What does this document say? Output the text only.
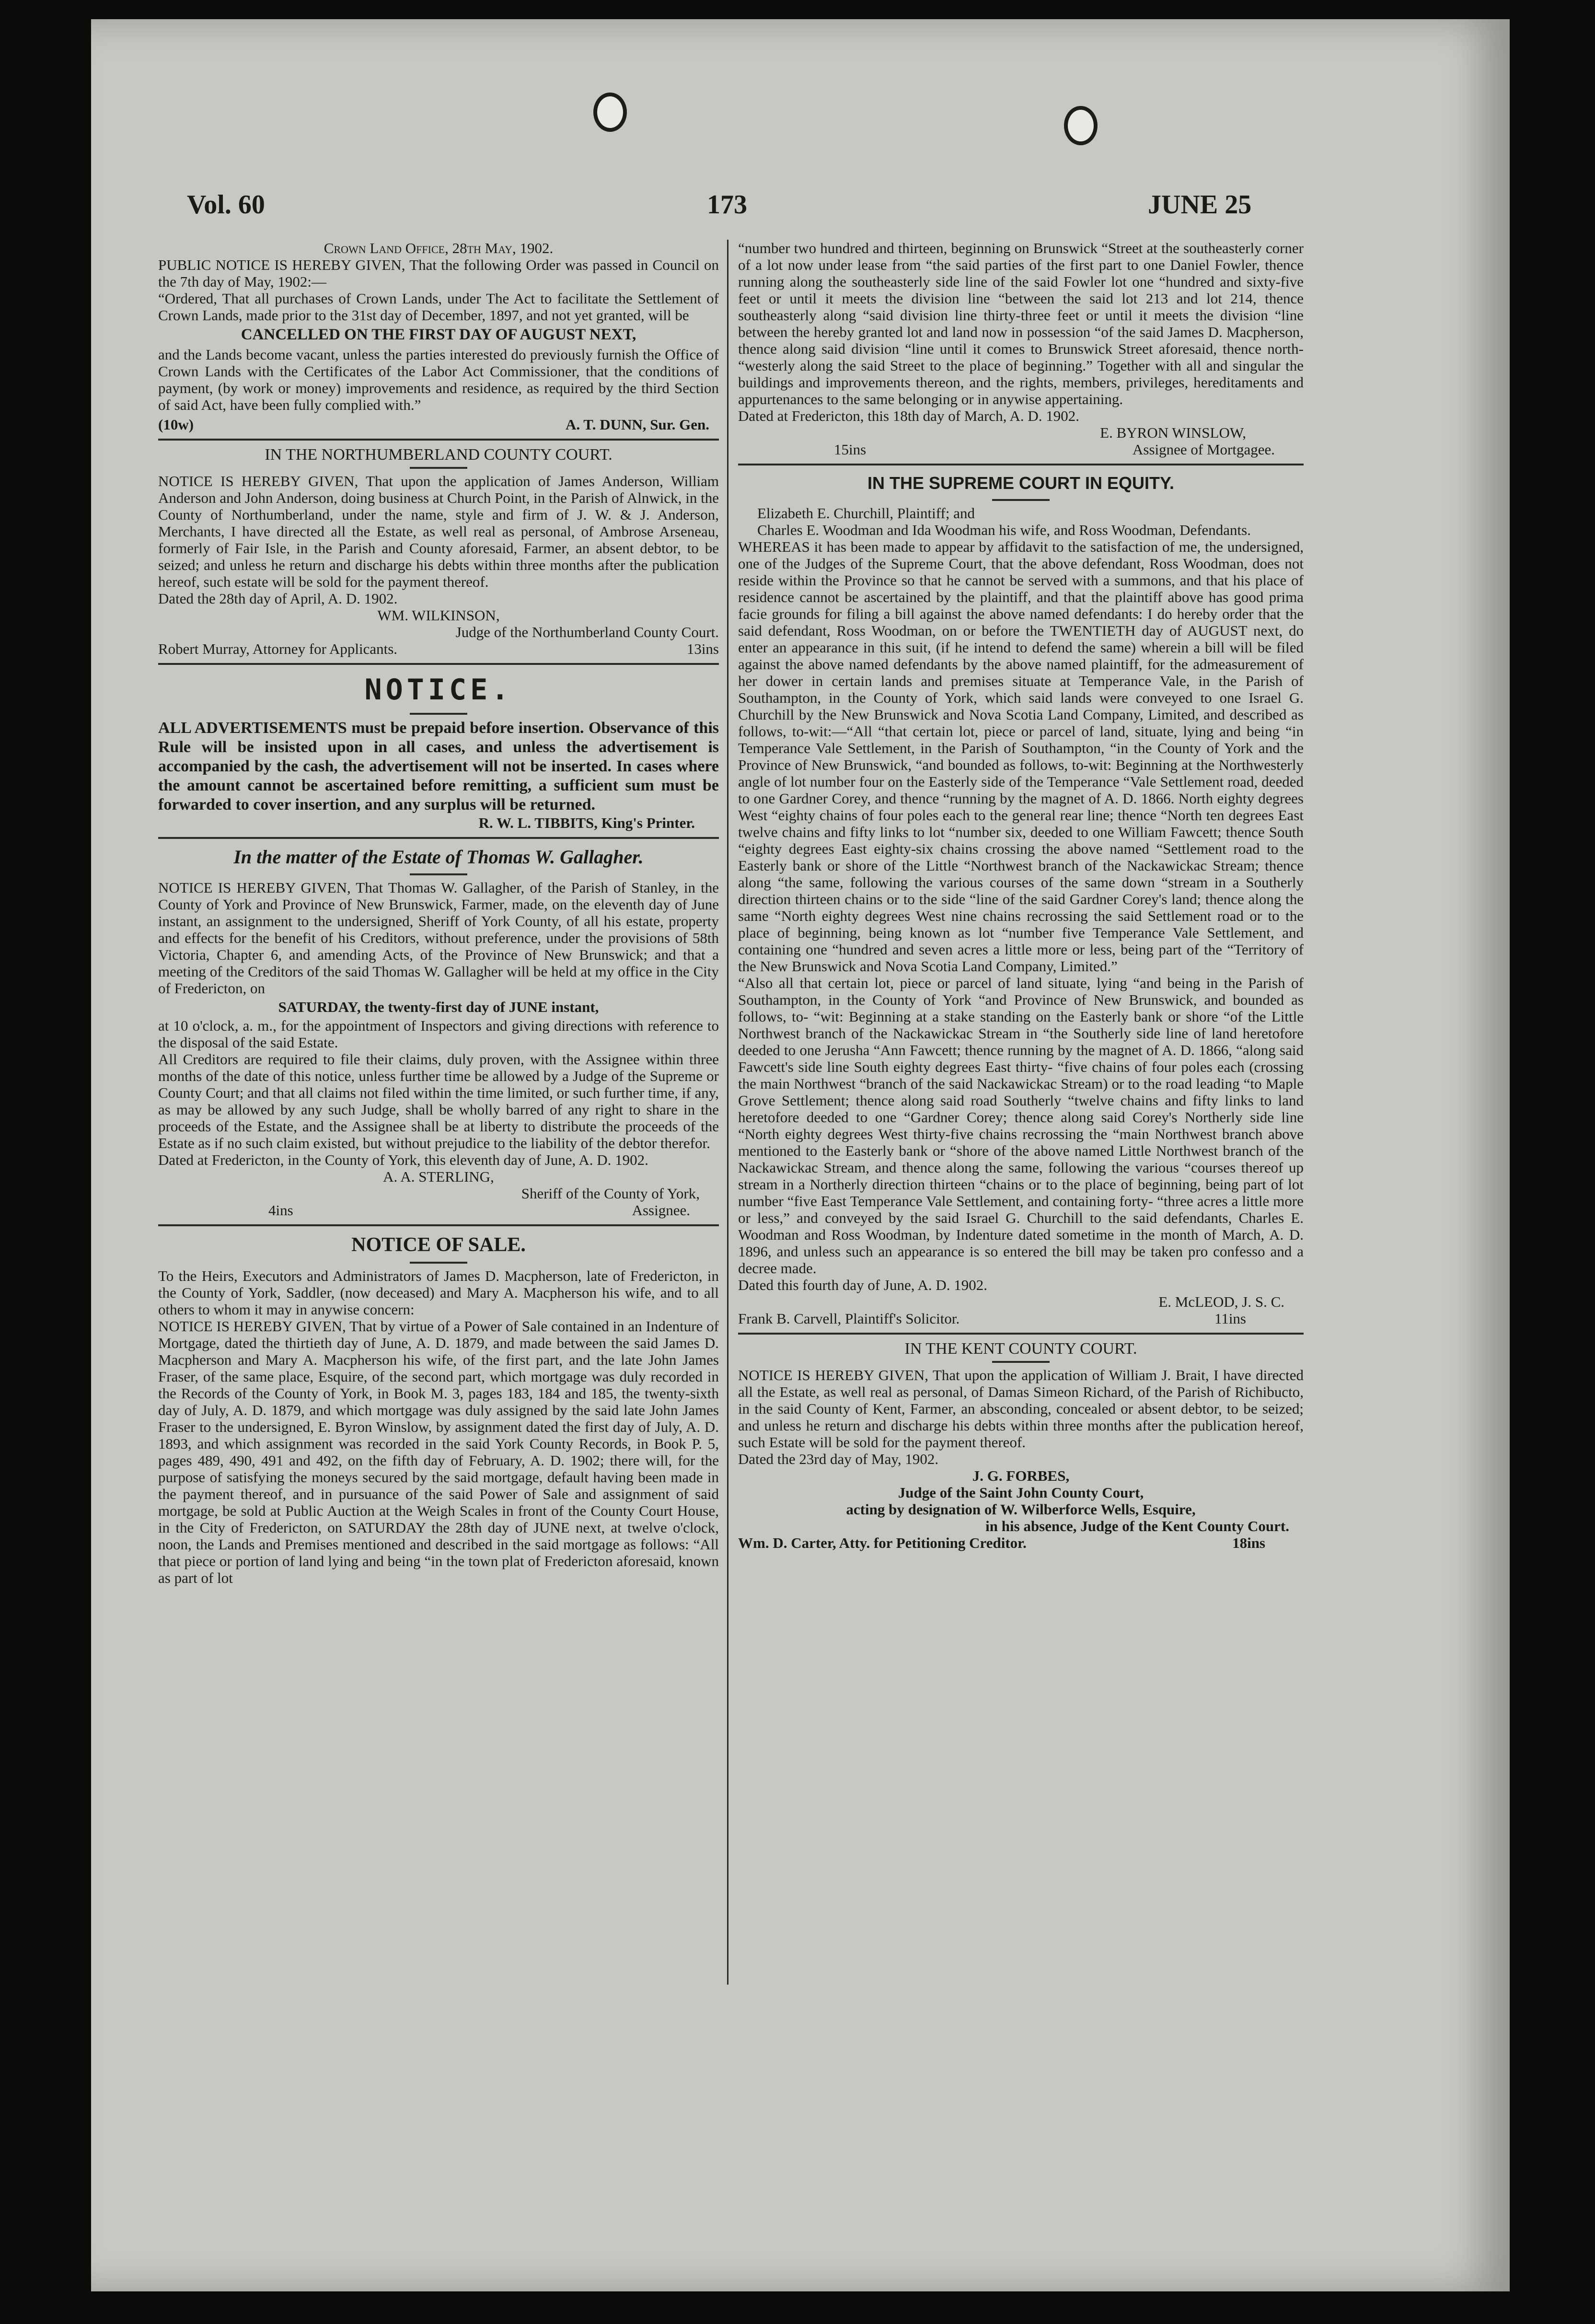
Vol. 60	173	JUNE 25

Crown Land Office, 28th May, 1902.

PUBLIC NOTICE IS HEREBY GIVEN, That the following Order was passed in Council on the 7th day of May, 1902:—

“Ordered, That all purchases of Crown Lands, under The Act to facilitate the Settlement of Crown Lands, made prior to the 31st day of December, 1897, and not yet granted, will be

CANCELLED ON THE FIRST DAY OF AUGUST NEXT,

and the Lands become vacant, unless the parties interested do previously furnish the Office of Crown Lands with the Certificates of the Labor Act Commissioner, that the conditions of payment, (by work or money) improvements and residence, as required by the third Section of said Act, have been fully complied with.”

(10w)	A. T. DUNN, Sur. Gen.

IN THE NORTHUMBERLAND COUNTY COURT.

NOTICE IS HEREBY GIVEN, That upon the application of James Anderson, William Anderson and John Anderson, doing business at Church Point, in the Parish of Alnwick, in the County of Northumberland, under the name, style and firm of J. W. & J. Anderson, Merchants, I have directed all the Estate, as well real as personal, of Ambrose Arseneau, formerly of Fair Isle, in the Parish and County aforesaid, Farmer, an absent debtor, to be seized; and unless he return and discharge his debts within three months after the publication hereof, such estate will be sold for the payment thereof.

Dated the 28th day of April, A. D. 1902.

WM. WILKINSON,

Judge of the Northumberland County Court.

Robert Murray, Attorney for Applicants.	13ins

NOTICE.

ALL ADVERTISEMENTS must be prepaid before insertion. Observance of this Rule will be insisted upon in all cases, and unless the advertisement is accompanied by the cash, the advertisement will not be inserted. In cases where the amount cannot be ascertained before remitting, a sufficient sum must be forwarded to cover insertion, and any surplus will be returned.

R. W. L. TIBBITS, King's Printer.

In the matter of the Estate of Thomas W. Gallagher.

NOTICE IS HEREBY GIVEN, That Thomas W. Gallagher, of the Parish of Stanley, in the County of York and Province of New Brunswick, Farmer, made, on the eleventh day of June instant, an assignment to the undersigned, Sheriff of York County, of all his estate, property and effects for the benefit of his Creditors, without preference, under the provisions of 58th Victoria, Chapter 6, and amending Acts, of the Province of New Brunswick; and that a meeting of the Creditors of the said Thomas W. Gallagher will be held at my office in the City of Fredericton, on

SATURDAY, the twenty-first day of JUNE instant,

at 10 o'clock, a. m., for the appointment of Inspectors and giving directions with reference to the disposal of the said Estate.

All Creditors are required to file their claims, duly proven, with the Assignee within three months of the date of this notice, unless further time be allowed by a Judge of the Supreme or County Court; and that all claims not filed within the time limited, or such further time, if any, as may be allowed by any such Judge, shall be wholly barred of any right to share in the proceeds of the Estate, and the Assignee shall be at liberty to distribute the proceeds of the Estate as if no such claim existed, but without prejudice to the liability of the debtor therefor.

Dated at Fredericton, in the County of York, this eleventh day of June, A. D. 1902.

A. A. STERLING,

Sheriff of the County of York,

4ins	Assignee.

NOTICE OF SALE.

To the Heirs, Executors and Administrators of James D. Macpherson, late of Fredericton, in the County of York, Saddler, (now deceased) and Mary A. Macpherson his wife, and to all others to whom it may in anywise concern:

NOTICE IS HEREBY GIVEN, That by virtue of a Power of Sale contained in an Indenture of Mortgage, dated the thirtieth day of June, A. D. 1879, and made between the said James D. Macpherson and Mary A. Macpherson his wife, of the first part, and the late John James Fraser, of the same place, Esquire, of the second part, which mortgage was duly recorded in the Records of the County of York, in Book M. 3, pages 183, 184 and 185, the twenty-sixth day of July, A. D. 1879, and which mortgage was duly assigned by the said late John James Fraser to the undersigned, E. Byron Winslow, by assignment dated the first day of July, A. D. 1893, and which assignment was recorded in the said York County Records, in Book P. 5, pages 489, 490, 491 and 492, on the fifth day of February, A. D. 1902; there will, for the purpose of satisfying the moneys secured by the said mortgage, default having been made in the payment thereof, and in pursuance of the said Power of Sale and assignment of said mortgage, be sold at Public Auction at the Weigh Scales in front of the County Court House, in the City of Fredericton, on SATURDAY the 28th day of JUNE next, at twelve o'clock, noon, the Lands and Premises mentioned and described in the said mortgage as follows: “All that piece or portion of land lying and being “in the town plat of Fredericton aforesaid, known as part of lot

“number two hundred and thirteen, beginning on Brunswick “Street at the southeasterly corner of a lot now under lease from “the said parties of the first part to one Daniel Fowler, thence running along the southeasterly side line of the said Fowler lot one “hundred and sixty-five feet or until it meets the division line “between the said lot 213 and lot 214, thence southeasterly along “said division line thirty-three feet or until it meets the division “line between the hereby granted lot and land now in possession “of the said James D. Macpherson, thence along said division “line until it comes to Brunswick Street aforesaid, thence north- “westerly along the said Street to the place of beginning.” Together with all and singular the buildings and improvements thereon, and the rights, members, privileges, hereditaments and appurtenances to the same belonging or in anywise appertaining.

Dated at Fredericton, this 18th day of March, A. D. 1902.

E. BYRON WINSLOW,

15ins	Assignee of Mortgagee.

IN THE SUPREME COURT IN EQUITY.

Elizabeth E. Churchill, Plaintiff; and

Charles E. Woodman and Ida Woodman his wife, and Ross Woodman, Defendants.

WHEREAS it has been made to appear by affidavit to the satisfaction of me, the undersigned, one of the Judges of the Supreme Court, that the above defendant, Ross Woodman, does not reside within the Province so that he cannot be served with a summons, and that his place of residence cannot be ascertained by the plaintiff, and that the plaintiff above has good prima facie grounds for filing a bill against the above named defendants: I do hereby order that the said defendant, Ross Woodman, on or before the TWENTIETH day of AUGUST next, do enter an appearance in this suit, (if he intend to defend the same) wherein a bill will be filed against the above named defendants by the above named plaintiff, for the admeasurement of her dower in certain lands and premises situate at Temperance Vale, in the Parish of Southampton, in the County of York, which said lands were conveyed to one Israel G. Churchill by the New Brunswick and Nova Scotia Land Company, Limited, and described as follows, to-wit:—“All “that certain lot, piece or parcel of land, situate, lying and being “in Temperance Vale Settlement, in the Parish of Southampton, “in the County of York and the Province of New Brunswick, “and bounded as follows, to-wit: Beginning at the Northwesterly angle of lot number four on the Easterly side of the Temperance “Vale Settlement road, deeded to one Gardner Corey, and thence “running by the magnet of A. D. 1866. North eighty degrees West “eighty chains of four poles each to the general rear line; thence “North ten degrees East twelve chains and fifty links to lot “number six, deeded to one William Fawcett; thence South “eighty degrees East eighty-six chains crossing the above named “Settlement road to the Easterly bank or shore of the Little “Northwest branch of the Nackawickac Stream; thence along “the same, following the various courses of the same down “stream in a Southerly direction thirteen chains or to the side “line of the said Gardner Corey's land; thence along the same “North eighty degrees West nine chains recrossing the said Settlement road or to the place of beginning, being known as lot “number five Temperance Vale Settlement, and containing one “hundred and seven acres a little more or less, being part of the “Territory of the New Brunswick and Nova Scotia Land Company, Limited.”

“Also all that certain lot, piece or parcel of land situate, lying “and being in the Parish of Southampton, in the County of York “and Province of New Brunswick, and bounded as follows, to- “wit: Beginning at a stake standing on the Easterly bank or shore “of the Little Northwest branch of the Nackawickac Stream in “the Southerly side line of land heretofore deeded to one Jerusha “Ann Fawcett; thence running by the magnet of A. D. 1866, “along said Fawcett's side line South eighty degrees East thirty- “five chains of four poles each (crossing the main Northwest “branch of the said Nackawickac Stream) or to the road leading “to Maple Grove Settlement; thence along said road Southerly “twelve chains and fifty links to land heretofore deeded to one “Gardner Corey; thence along said Corey's Northerly side line “North eighty degrees West thirty-five chains recrossing the “main Northwest branch above mentioned to the Easterly bank or “shore of the above named Little Northwest branch of the Nackawickac Stream, and thence along the same, following the various “courses thereof up stream in a Northerly direction thirteen “chains or to the place of beginning, being part of lot number “five East Temperance Vale Settlement, and containing forty- “three acres a little more or less,” and conveyed by the said Israel G. Churchill to the said defendants, Charles E. Woodman and Ross Woodman, by Indenture dated sometime in the month of March, A. D. 1896, and unless such an appearance is so entered the bill may be taken pro confesso and a decree made.

Dated this fourth day of June, A. D. 1902.

E. McLEOD, J. S. C.

Frank B. Carvell, Plaintiff's Solicitor.	11ins

IN THE KENT COUNTY COURT.

NOTICE IS HEREBY GIVEN, That upon the application of William J. Brait, I have directed all the Estate, as well real as personal, of Damas Simeon Richard, of the Parish of Richibucto, in the said County of Kent, Farmer, an absconding, concealed or absent debtor, to be seized; and unless he return and discharge his debts within three months after the publication hereof, such Estate will be sold for the payment thereof.

Dated the 23rd day of May, 1902.

J. G. FORBES,

Judge of the Saint John County Court,

acting by designation of W. Wilberforce Wells, Esquire,

in his absence, Judge of the Kent County Court.

Wm. D. Carter, Atty. for Petitioning Creditor.	18ins
